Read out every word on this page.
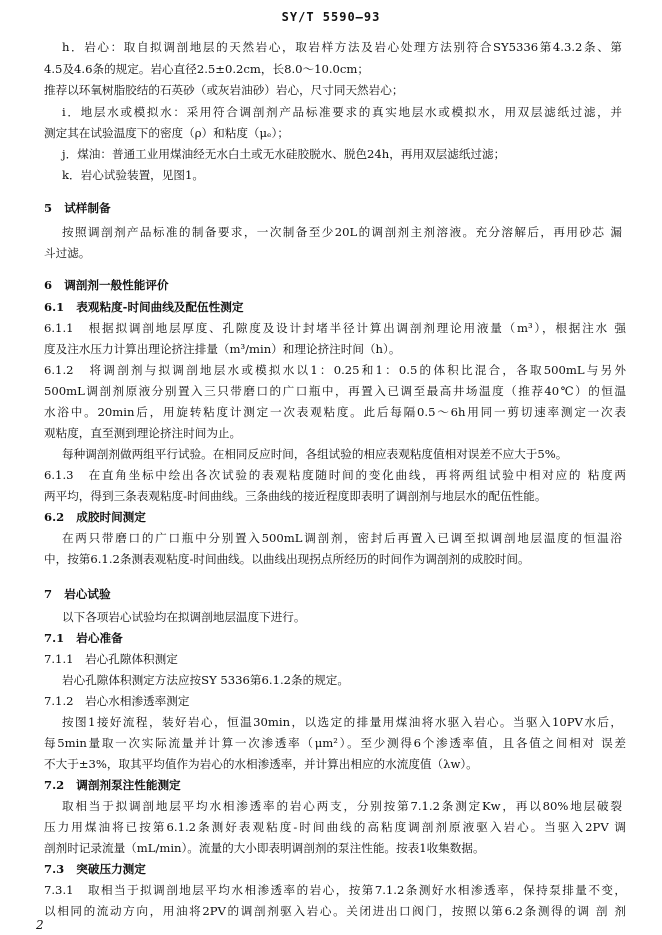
SY/T 5590—93
h．岩心：取自拟调剖地层的天然岩心，取岩样方法及岩心处理方法别符合SY5336第4.3.2条、第
4.5及4.6条的规定。岩心直径2.5±0.2cm，长8.0～10.0cm；
推荐以环氧树脂胶结的石英砂（或灰岩油砂）岩心，尺寸同天然岩心；
i．地层水或模拟水：采用符合调剖剂产品标准要求的真实地层水或模拟水，用双层滤纸过滤，并
测定其在试验温度下的密度（ρ）和粘度（μₑ）；
j．煤油：普通工业用煤油经无水白土或无水硅胶脱水、脱色24h，再用双层滤纸过滤；
k．岩心试验装置，见图1。
5 试样制备
按照调剖剂产品标准的制备要求，一次制备至少20L的调剖剂主剂溶液。充分溶解后，再用砂芯 漏
斗过滤。
6 调剖剂一般性能评价
6.1 表观粘度-时间曲线及配伍性测定
6.1.1　根据拟调剖地层厚度、孔隙度及设计封堵半径计算出调剖剂理论用液量（m³），根据注水 强
度及注水压力计算出理论挤注排量（m³/min）和理论挤注时间（h）。
6.1.2　将调剖剂与拟调剖地层水或模拟水以1：0.25和1：0.5的体积比混合，各取500mL与另外
500mL调剖剂原液分别置入三只带磨口的广口瓶中，再置入已调至最高井场温度（推荐40℃）的恒温
水浴中。20min后，用旋转粘度计测定一次表观粘度。此后每隔0.5～6h用同一剪切速率测定一次表
观粘度，直至测到理论挤注时间为止。
每种调剖剂做两组平行试验。在相同反应时间，各组试验的相应表观粘度值相对误差不应大于5%。
6.1.3　在直角坐标中绘出各次试验的表观粘度随时间的变化曲线，再将两组试验中相对应的 粘度两
两平均，得到三条表观粘度-时间曲线。三条曲线的接近程度即表明了调剖剂与地层水的配伍性能。
6.2 成胶时间测定
在两只带磨口的广口瓶中分别置入500mL调剖剂，密封后再置入已调至拟调剖地层温度的恒温浴
中，按第6.1.2条测表观粘度-时间曲线。以曲线出现拐点所经历的时间作为调剖剂的成胶时间。
7 岩心试验
以下各项岩心试验均在拟调剖地层温度下进行。
7.1 岩心准备
7.1.1　岩心孔隙体积测定
岩心孔隙体积测定方法应按SY 5336第6.1.2条的规定。
7.1.2　岩心水相渗透率测定
按图1接好流程，装好岩心，恒温30min，以选定的排量用煤油将水驱入岩心。当驱入10PV水后，
每5min量取一次实际流量并计算一次渗透率（μm²）。至少测得6个渗透率值，且各值之间相对 误差
不大于±3%，取其平均值作为岩心的水相渗透率，并计算出相应的水流度值（λw）。
7.2 调剖剂泵注性能测定
取相当于拟调剖地层平均水相渗透率的岩心两支，分别按第7.1.2条测定Kw，再以80%地层破裂
压力用煤油将已按第6.1.2条测好表观粘度-时间曲线的高粘度调剖剂原液驱入岩心。当驱入2PV 调
剖剂时记录流量（mL/min）。流量的大小即表明调剖剂的泵注性能。按表1收集数据。
7.3 突破压力测定
7.3.1　取相当于拟调剖地层平均水相渗透率的岩心，按第7.1.2条测好水相渗透率，保持泵排量不变，
以相同的流动方向，用油将2PV的调剖剂驱入岩心。关闭进出口阀门，按照以第6.2条测得的调 剖 剂
2
